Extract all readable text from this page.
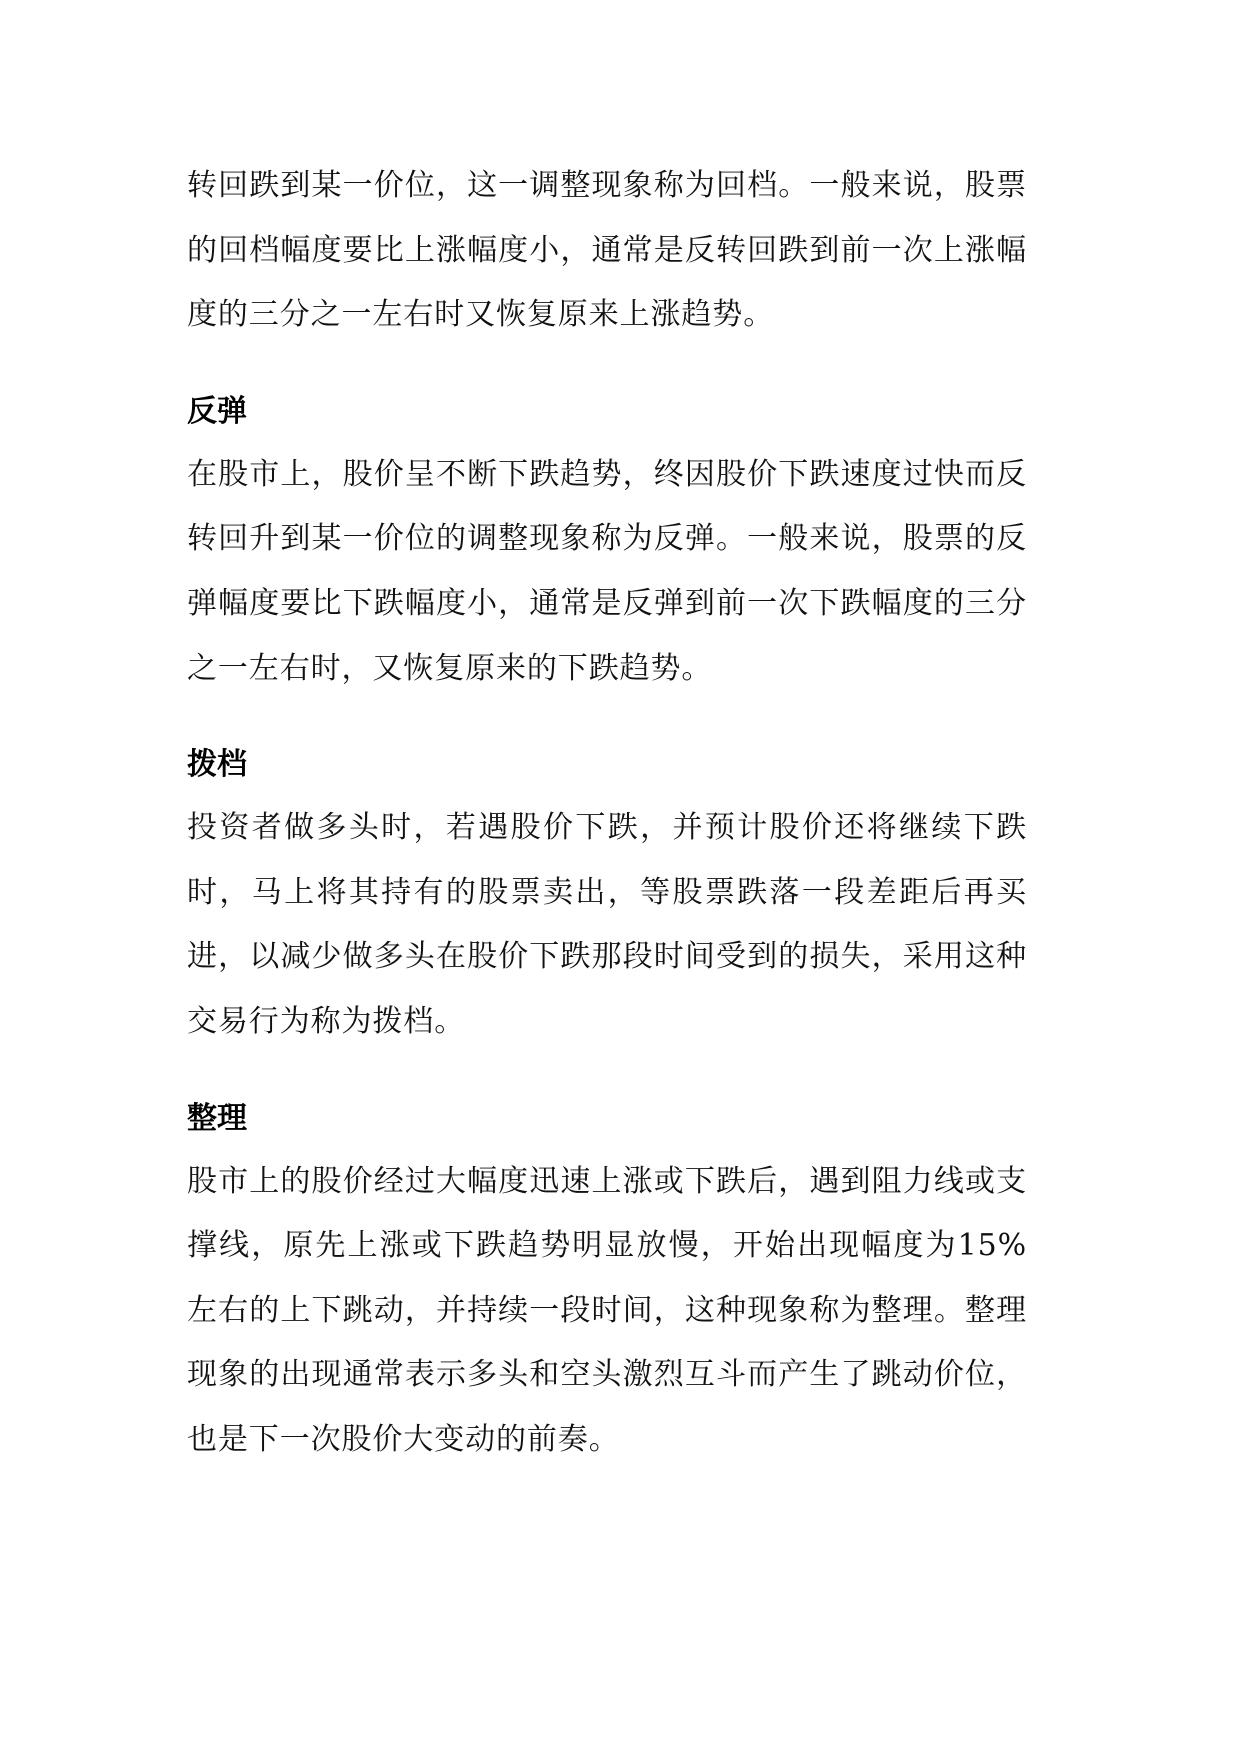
转回跌到某一价位，这一调整现象称为回档。一般来说，股票的回档幅度要比上涨幅度小，通常是反转回跌到前一次上涨幅度的三分之一左右时又恢复原来上涨趋势。

反弹

在股市上，股价呈不断下跌趋势，终因股价下跌速度过快而反转回升到某一价位的调整现象称为反弹。一般来说，股票的反弹幅度要比下跌幅度小，通常是反弹到前一次下跌幅度的三分之一左右时，又恢复原来的下跌趋势。

拨档

投资者做多头时，若遇股价下跌，并预计股价还将继续下跌时，马上将其持有的股票卖出，等股票跌落一段差距后再买进，以减少做多头在股价下跌那段时间受到的损失，采用这种交易行为称为拨档。

整理

股市上的股价经过大幅度迅速上涨或下跌后，遇到阻力线或支撑线，原先上涨或下跌趋势明显放慢，开始出现幅度为15%左右的上下跳动，并持续一段时间，这种现象称为整理。整理现象的出现通常表示多头和空头激烈互斗而产生了跳动价位，也是下一次股价大变动的前奏。
